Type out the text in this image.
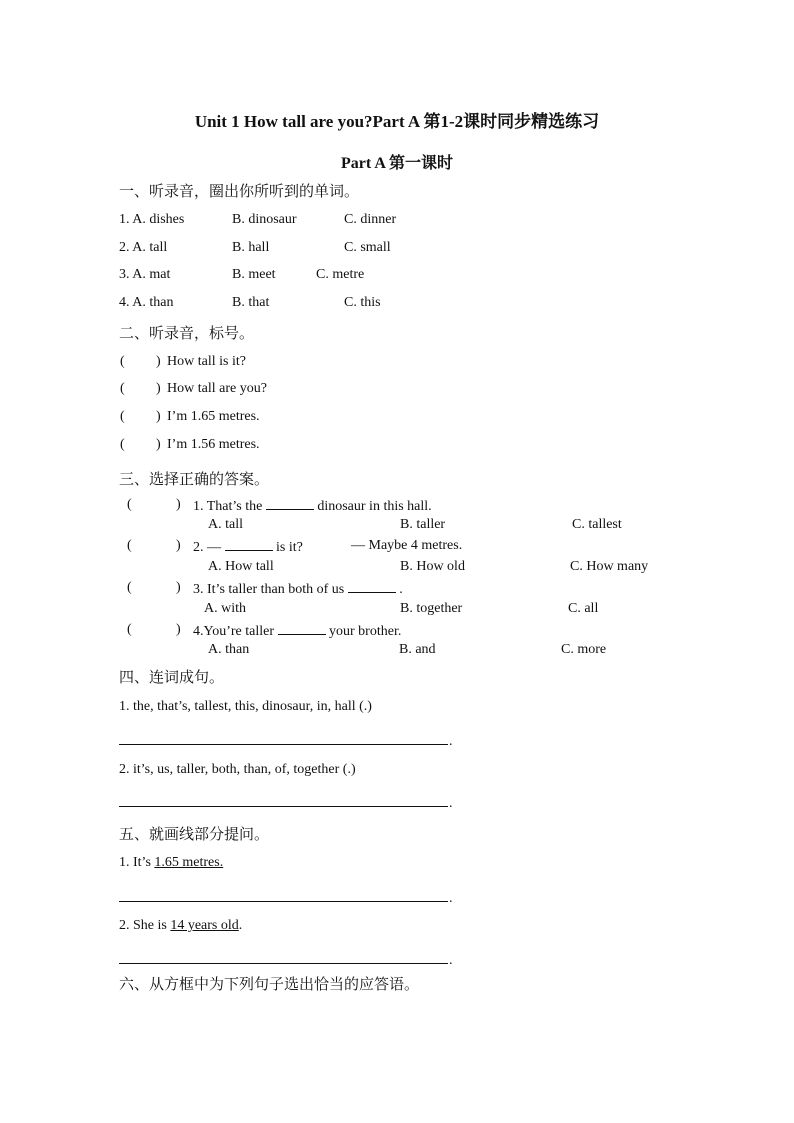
Unit 1 How tall are you?Part A 第1-2课时同步精选练习
Part A 第一课时
一、听录音，圈出你所听到的单词。
1. A. dishes	B. dinosaur	C. dinner
2. A. tall	B. hall	C. small
3. A. mat	B. meet	C. metre
4. A. than	B. that	C. this
二、听录音，标号。
( ) How tall is it?
( ) How tall are you?
( ) I’m 1.65 metres.
( ) I’m 1.56 metres.
三、选择正确的答案。
(	) 1. That’s the	dinosaur in this hall.
A. tall	B. taller	C. tallest
(	) 2. —	is it?	— Maybe 4 metres.
A. How tall	B. How old	C. How many
(	) 3. It’s taller than both of us	.
A. with	B. together	C. all
(	) 4.You’re taller	your brother.
A. than	B. and	C. more
四、连词成句。
1. the, that’s, tallest, this, dinosaur, in, hall (.)
.
2. it’s, us, taller, both, than, of, together (.)
.
五、就画线部分提问。
1. It’s 1.65 metres.
.
2. She is 14 years old.
.
六、从方框中为下列句子选出恰当的应答语。
